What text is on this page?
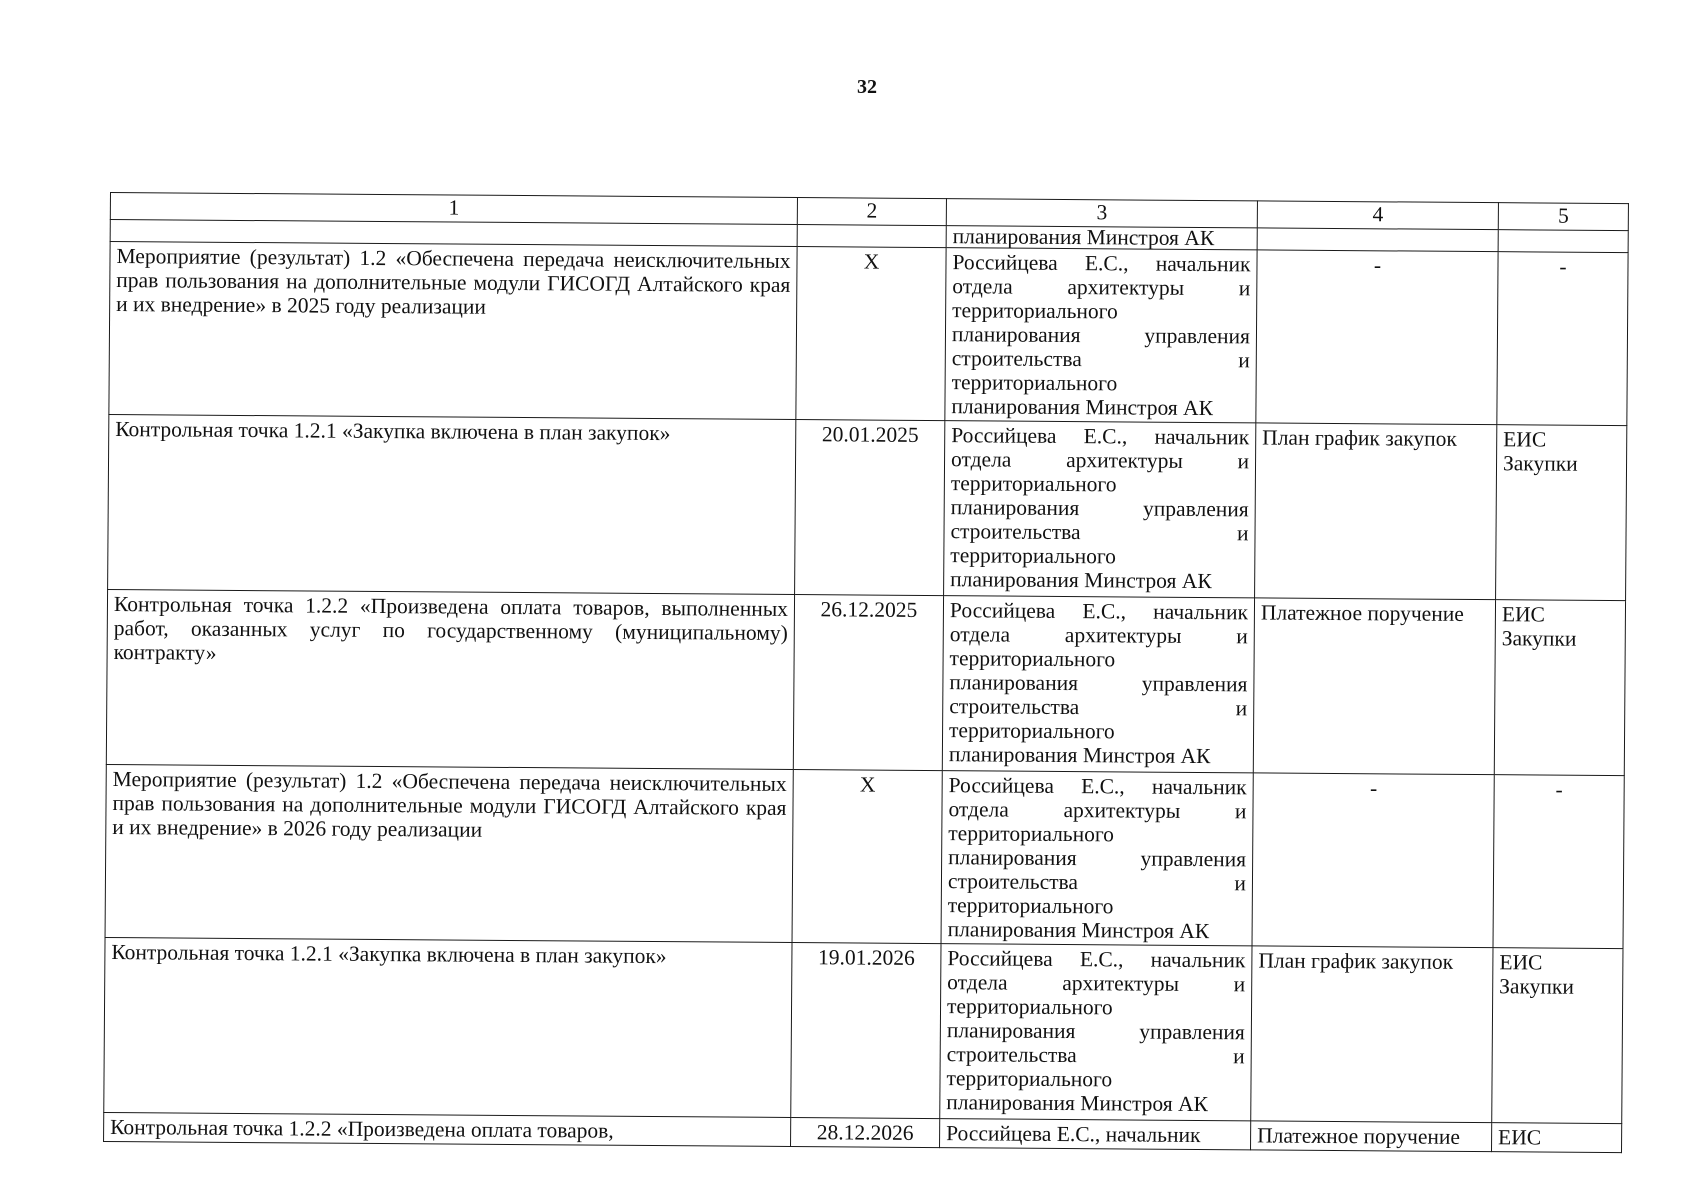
32
1	2	3	4	5
		планирования Минстроя АК		
Мероприятие (результат) 1.2 «Обеспечена передача неисключительных прав пользования на дополнительные модули ГИСОГД Алтайского края и их внедрение» в 2025 году реализации	X	Российцева Е.С., начальник отдела архитектуры и территориального планирования управления строительства и территориального планирования Минстроя АК	-	-
Контрольная точка 1.2.1 «Закупка включена в план закупок»	20.01.2025	Российцева Е.С., начальник отдела архитектуры и территориального планирования управления строительства и территориального планирования Минстроя АК	План график закупок	ЕИС Закупки
Контрольная точка 1.2.2 «Произведена оплата товаров, выполненных работ, оказанных услуг по государственному (муниципальному) контракту»	26.12.2025	Российцева Е.С., начальник отдела архитектуры и территориального планирования управления строительства и территориального планирования Минстроя АК	Платежное поручение	ЕИС Закупки
Мероприятие (результат) 1.2 «Обеспечена передача неисключительных прав пользования на дополнительные модули ГИСОГД Алтайского края и их внедрение» в 2026 году реализации	X	Российцева Е.С., начальник отдела архитектуры и территориального планирования управления строительства и территориального планирования Минстроя АК	-	-
Контрольная точка 1.2.1 «Закупка включена в план закупок»	19.01.2026	Российцева Е.С., начальник отдела архитектуры и территориального планирования управления строительства и территориального планирования Минстроя АК	План график закупок	ЕИС Закупки
Контрольная точка 1.2.2 «Произведена оплата товаров,	28.12.2026	Российцева Е.С., начальник	Платежное поручение	ЕИС
